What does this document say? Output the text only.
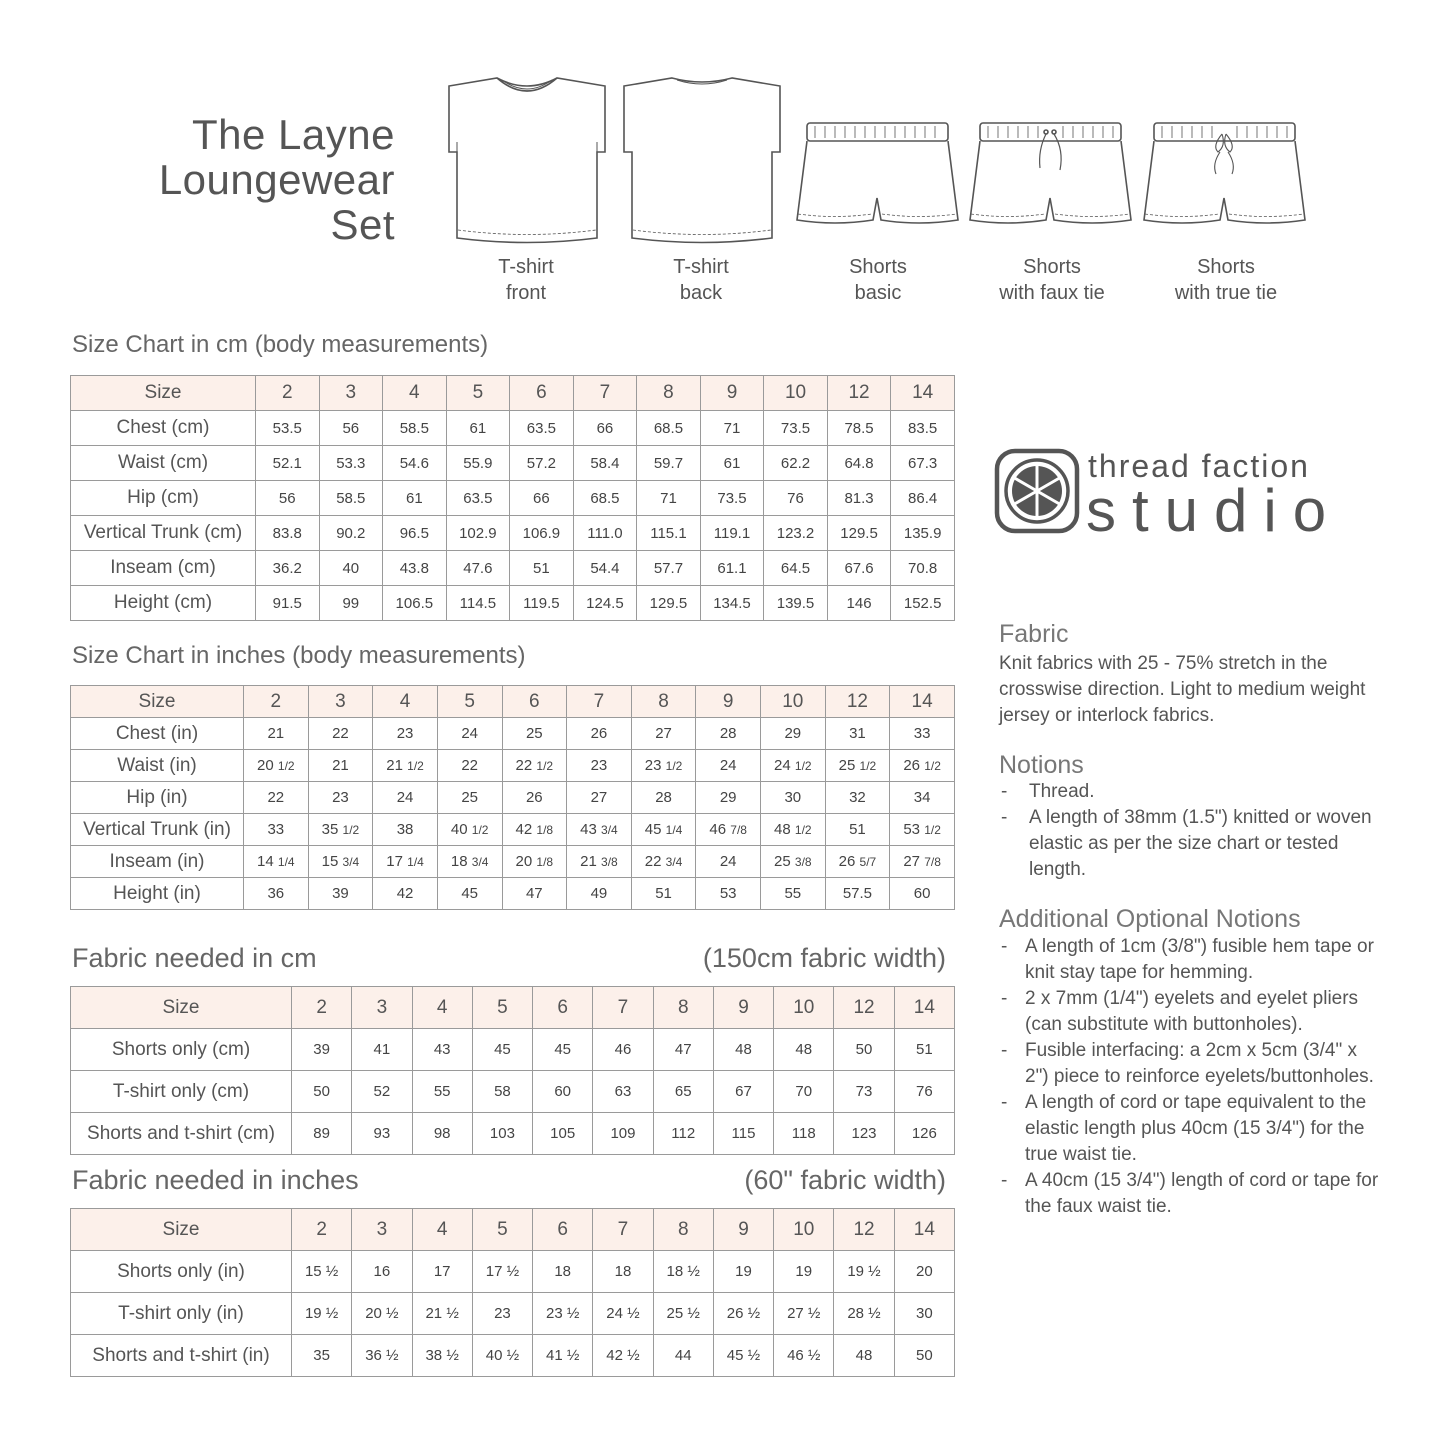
The Layne
Loungewear
Set
T-shirt
front
T-shirt
back
Shorts
basic
Shorts
with faux tie
Shorts
with true tie
Size Chart in cm (body measurements)
Size Chart in inches (body measurements)
Fabric needed in cm	(150cm fabric width)
Fabric needed in inches	(60" fabric width)
Size	2	3	4	5	6	7	8	9	10	12	14
Chest (cm)	53.5	56	58.5	61	63.5	66	68.5	71	73.5	78.5	83.5
Waist (cm)	52.1	53.3	54.6	55.9	57.2	58.4	59.7	61	62.2	64.8	67.3
Hip (cm)	56	58.5	61	63.5	66	68.5	71	73.5	76	81.3	86.4
Vertical Trunk (cm)	83.8	90.2	96.5	102.9	106.9	111.0	115.1	119.1	123.2	129.5	135.9
Inseam (cm)	36.2	40	43.8	47.6	51	54.4	57.7	61.1	64.5	67.6	70.8
Height (cm)	91.5	99	106.5	114.5	119.5	124.5	129.5	134.5	139.5	146	152.5
Size	2	3	4	5	6	7	8	9	10	12	14
Chest (in)	21	22	23	24	25	26	27	28	29	31	33
Waist (in)	20 1/2	21	21 1/2	22	22 1/2	23	23 1/2	24	24 1/2	25 1/2	26 1/2
Hip (in)	22	23	24	25	26	27	28	29	30	32	34
Vertical Trunk (in)	33	35 1/2	38	40 1/2	42 1/8	43 3/4	45 1/4	46 7/8	48 1/2	51	53 1/2
Inseam (in)	14 1/4	15 3/4	17 1/4	18 3/4	20 1/8	21 3/8	22 3/4	24	25 3/8	26 5/7	27 7/8
Height (in)	36	39	42	45	47	49	51	53	55	57.5	60
Size	2	3	4	5	6	7	8	9	10	12	14
Shorts only (cm)	39	41	43	45	45	46	47	48	48	50	51
T-shirt only (cm)	50	52	55	58	60	63	65	67	70	73	76
Shorts and t-shirt (cm)	89	93	98	103	105	109	112	115	118	123	126
Size	2	3	4	5	6	7	8	9	10	12	14
Shorts only (in)	15 ½	16	17	17 ½	18	18	18 ½	19	19	19 ½	20
T-shirt only (in)	19 ½	20 ½	21 ½	23	23 ½	24 ½	25 ½	26 ½	27 ½	28 ½	30
Shorts and t-shirt (in)	35	36 ½	38 ½	40 ½	41 ½	42 ½	44	45 ½	46 ½	48	50
thread faction
studio
Fabric
Knit fabrics with 25 - 75% stretch in the crosswise direction. Light to medium weight jersey or interlock fabrics.
Notions
- Thread.
- A length of 38mm (1.5") knitted or woven elastic as per the size chart or tested length.
Additional Optional Notions
- A length of 1cm (3/8") fusible hem tape or knit stay tape for hemming.
- 2 x 7mm (1/4") eyelets and eyelet pliers (can substitute with buttonholes).
- Fusible interfacing: a 2cm x 5cm (3/4" x 2") piece to reinforce eyelets/buttonholes.
- A length of cord or tape equivalent to the elastic length plus 40cm (15 3/4") for the true waist tie.
- A 40cm (15 3/4") length of cord or tape for the faux waist tie.
